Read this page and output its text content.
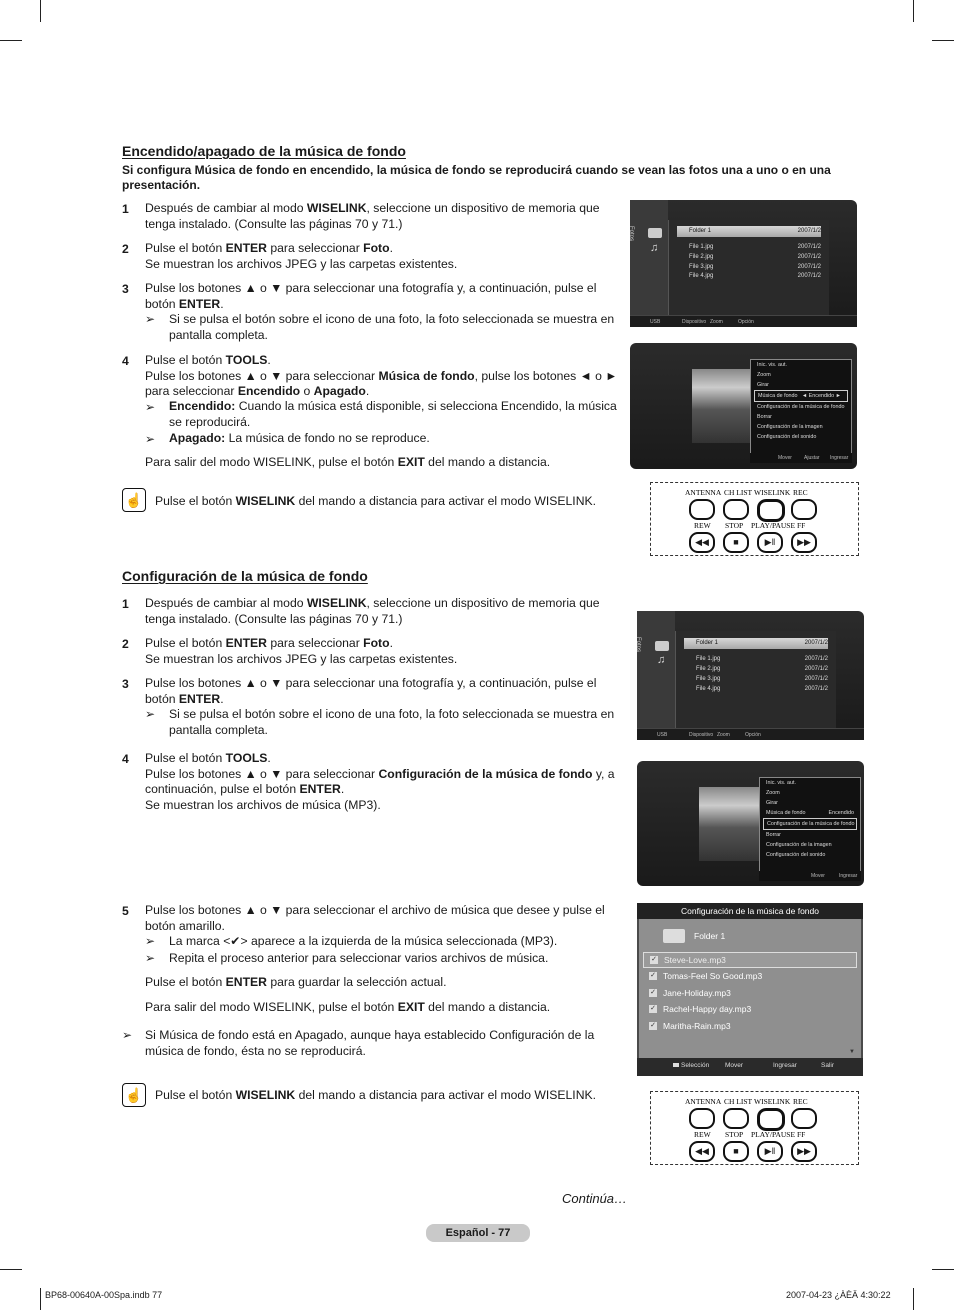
Encendido/apagado de la música de fondo
Si configura Música de fondo en encendido, la música de fondo se reproducirá cuando se vean las fotos una a uno o en una presentación.
1 Después de cambiar al modo WISELINK, seleccione un dispositivo de memoria que tenga instalado. (Consulte las páginas 70 y 71.)
2 Pulse el botón ENTER para seleccionar Foto.
Se muestran los archivos JPEG y las carpetas existentes.
3 Pulse los botones ▲ o ▼ para seleccionar una fotografía y, a continuación, pulse el botón ENTER.
➢ Si se pulsa el botón sobre el icono de una foto, la foto seleccionada se muestra en pantalla completa.
4 Pulse el botón TOOLS.
Pulse los botones ▲ o ▼ para seleccionar Música de fondo, pulse los botones ◄ o ► para seleccionar Encendido o Apagado.
➢ Encendido: Cuando la música está disponible, si selecciona Encendido, la música se reproducirá.
➢ Apagado: La música de fondo no se reproduce.
Para salir del modo WISELINK, pulse el botón EXIT del mando a distancia.
☝ Pulse el botón WISELINK del mando a distancia para activar el modo WISELINK.
Fotos
♫
Folder 1	2007/1/2
File 1.jpg	2007/1/2
File 2.jpg	2007/1/2
File 3.jpg	2007/1/2
File 4.jpg	2007/1/2
USB	Dispositivo Zoom	Opción
Inic. vis. aut.
Zoom
Girar
Música de fondo ◄ Encendido ►
Configuración de la música de fondo
Borrar
Configuración de la imagen
Configuración del sonido
Mover Ajustar Ingresar
ANTENNA CH LIST WISELINK REC
REW STOP PLAY/PAUSE FF
◀◀	■	▶ǁ	▶▶
Configuración de la música de fondo
1 Después de cambiar al modo WISELINK, seleccione un dispositivo de memoria que tenga instalado. (Consulte las páginas 70 y 71.)
2 Pulse el botón ENTER para seleccionar Foto.
Se muestran los archivos JPEG y las carpetas existentes.
3 Pulse los botones ▲ o ▼ para seleccionar una fotografía y, a continuación, pulse el botón ENTER.
➢ Si se pulsa el botón sobre el icono de una foto, la foto seleccionada se muestra en pantalla completa.
4 Pulse el botón TOOLS.
Pulse los botones ▲ o ▼ para seleccionar Configuración de la música de fondo y, a continuación, pulse el botón ENTER.
Se muestran los archivos de música (MP3).
5 Pulse los botones ▲ o ▼ para seleccionar el archivo de música que desee y pulse el botón amarillo.
➢ La marca <✔> aparece a la izquierda de la música seleccionada (MP3).
➢ Repita el proceso anterior para seleccionar varios archivos de música.
Pulse el botón ENTER para guardar la selección actual.
Para salir del modo WISELINK, pulse el botón EXIT del mando a distancia.
➢ Si Música de fondo está en Apagado, aunque haya establecido Configuración de la música de fondo, ésta no se reproducirá.
☝ Pulse el botón WISELINK del mando a distancia para activar el modo WISELINK.
Fotos
♫
Folder 1	2007/1/2
File 1.jpg	2007/1/2
File 2.jpg	2007/1/2
File 3.jpg	2007/1/2
File 4.jpg	2007/1/2
USB	Dispositivo Zoom	Opción
Inic. vis. aut.
Zoom
Girar
Música de fondo	Encendido
Configuración de la música de fondo
Borrar
Configuración de la imagen
Configuración del sonido
Mover	Ingresar
Configuración de la música de fondo
Folder 1
✓ Steve-Love.mp3
✓ Tomas-Feel So Good.mp3
✓ Jane-Holiday.mp3
✓ Rachel-Happy day.mp3
✓ Maritha-Rain.mp3
▼
Selección Mover	Ingresar	Salir
ANTENNA CH LIST WISELINK REC
REW STOP PLAY/PAUSE FF
◀◀	■	▶ǁ	▶▶
Continúa…
Español - 77
BP68-00640A-00Spa.indb 77	2007-04-23 ¿ÀÈÄ 4:30:22
